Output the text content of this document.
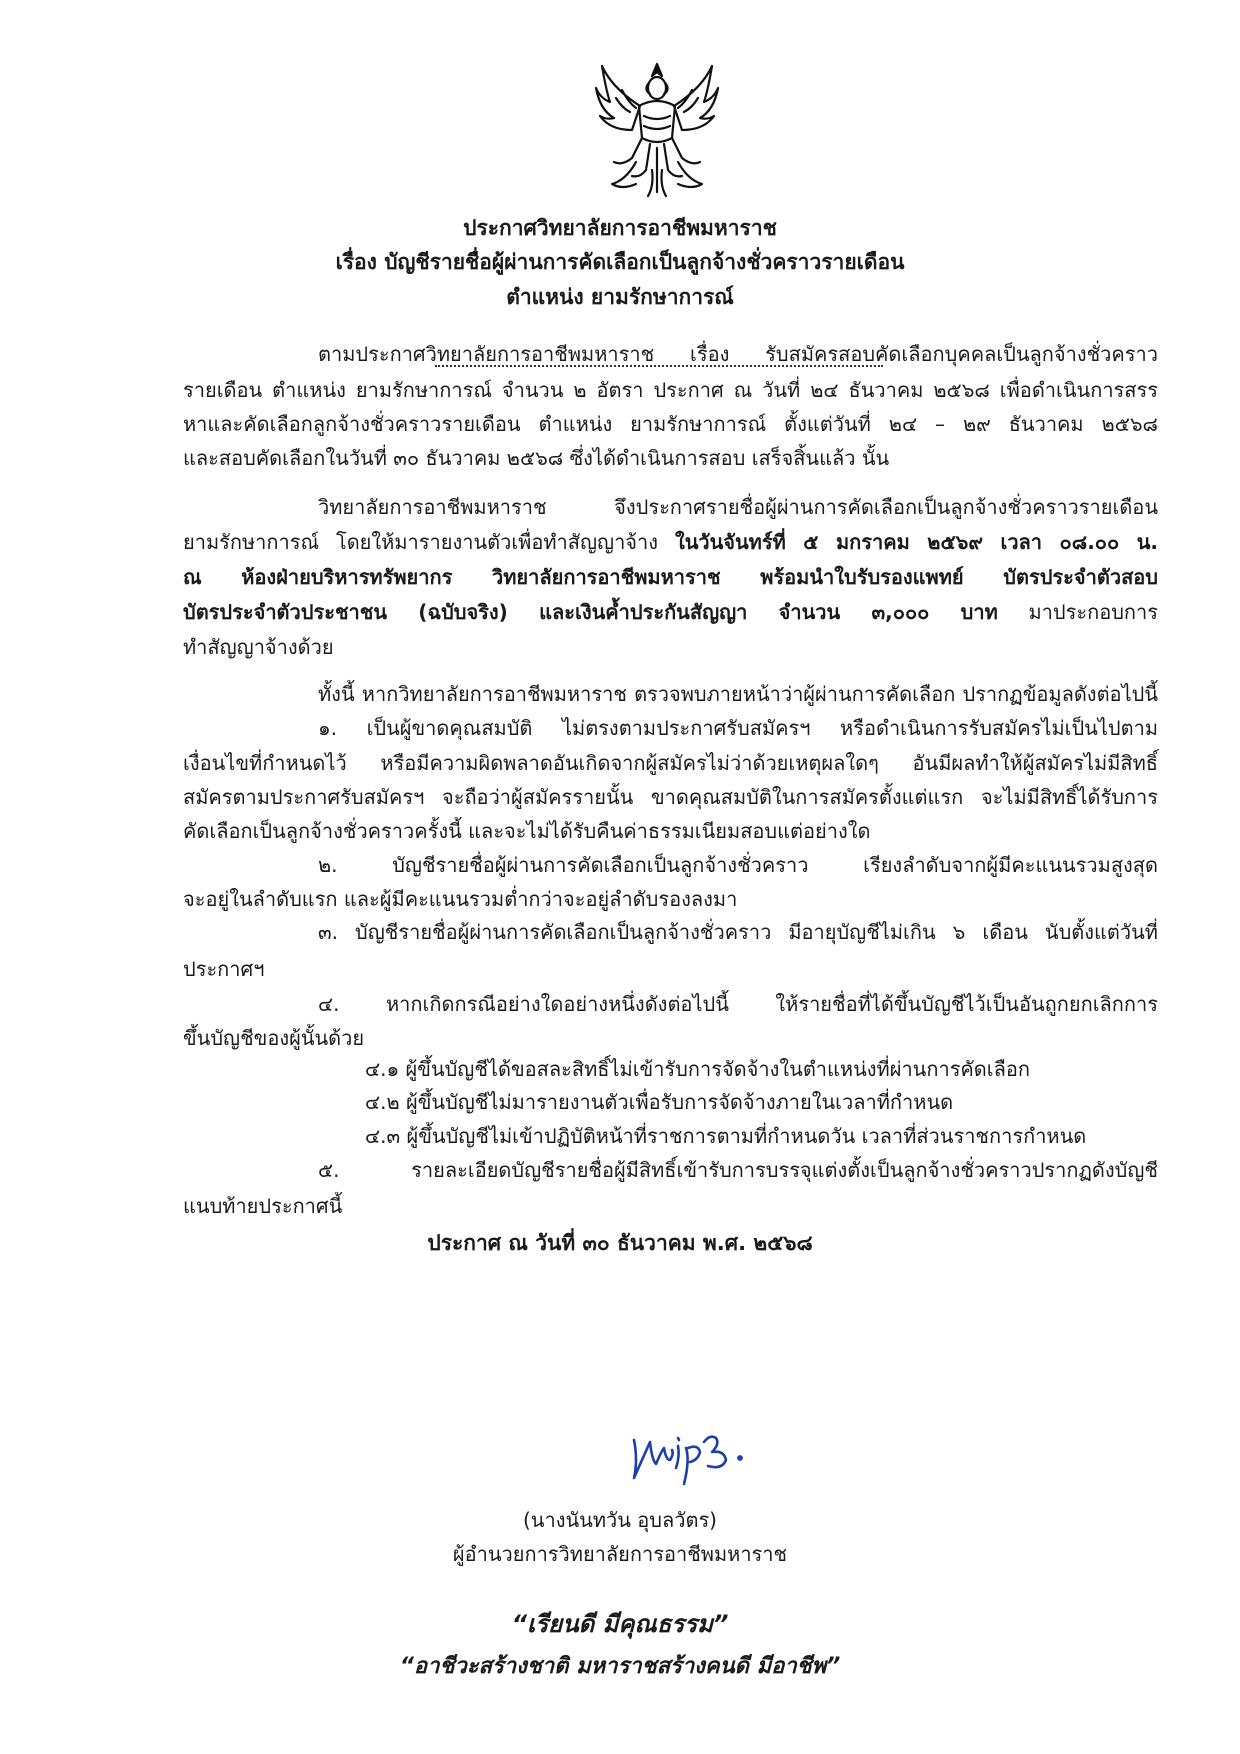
ประกาศวิทยาลัยการอาชีพมหาราช
เรื่อง บัญชีรายชื่อผู้ผ่านการคัดเลือกเป็นลูกจ้างชั่วคราวรายเดือน
ตำแหน่ง ยามรักษาการณ์
ตามประกาศวิทยาลัยการอาชีพมหาราช เรื่อง รับสมัครสอบคัดเลือกบุคคลเป็นลูกจ้างชั่วคราว
รายเดือน ตำแหน่ง ยามรักษาการณ์ จำนวน ๒ อัตรา ประกาศ ณ วันที่ ๒๔ ธันวาคม ๒๕๖๘ เพื่อดำเนินการสรร
หาและคัดเลือกลูกจ้างชั่วคราวรายเดือน ตำแหน่ง ยามรักษาการณ์ ตั้งแต่วันที่ ๒๔ – ๒๙ ธันวาคม ๒๕๖๘
และสอบคัดเลือกในวันที่ ๓๐ ธันวาคม ๒๕๖๘ ซึ่งได้ดำเนินการสอบ เสร็จสิ้นแล้ว นั้น
วิทยาลัยการอาชีพมหาราช จึงประกาศรายชื่อผู้ผ่านการคัดเลือกเป็นลูกจ้างชั่วคราวรายเดือน
ยามรักษาการณ์ โดยให้มารายงานตัวเพื่อทำสัญญาจ้าง ในวันจันทร์ที่ ๕ มกราคม ๒๕๖๙ เวลา ๐๘.๐๐ น.
ณ ห้องฝ่ายบริหารทรัพยากร วิทยาลัยการอาชีพมหาราช พร้อมนำใบรับรองแพทย์ บัตรประจำตัวสอบ
บัตรประจำตัวประชาชน (ฉบับจริง) และเงินค้ำประกันสัญญา จำนวน ๓,๐๐๐ บาท มาประกอบการ
ทำสัญญาจ้างด้วย
ทั้งนี้ หากวิทยาลัยการอาชีพมหาราช ตรวจพบภายหน้าว่าผู้ผ่านการคัดเลือก ปรากฏข้อมูลดังต่อไปนี้
๑. เป็นผู้ขาดคุณสมบัติ ไม่ตรงตามประกาศรับสมัครฯ หรือดำเนินการรับสมัครไม่เป็นไปตาม
เงื่อนไขที่กำหนดไว้ หรือมีความผิดพลาดอันเกิดจากผู้สมัครไม่ว่าด้วยเหตุผลใดๆ อันมีผลทำให้ผู้สมัครไม่มีสิทธิ์
สมัครตามประกาศรับสมัครฯ จะถือว่าผู้สมัครรายนั้น ขาดคุณสมบัติในการสมัครตั้งแต่แรก จะไม่มีสิทธิ์ได้รับการ
คัดเลือกเป็นลูกจ้างชั่วคราวครั้งนี้ และจะไม่ได้รับคืนค่าธรรมเนียมสอบแต่อย่างใด
๒. บัญชีรายชื่อผู้ผ่านการคัดเลือกเป็นลูกจ้างชั่วคราว เรียงลำดับจากผู้มีคะแนนรวมสูงสุด
จะอยู่ในลำดับแรก และผู้มีคะแนนรวมต่ำกว่าจะอยู่ลำดับรองลงมา
๓. บัญชีรายชื่อผู้ผ่านการคัดเลือกเป็นลูกจ้างชั่วคราว มีอายุบัญชีไม่เกิน ๖ เดือน นับตั้งแต่วันที่
ประกาศฯ
๔. หากเกิดกรณีอย่างใดอย่างหนึ่งดังต่อไปนี้ ให้รายชื่อที่ได้ขึ้นบัญชีไว้เป็นอันถูกยกเลิกการ
ขึ้นบัญชีของผู้นั้นด้วย
๔.๑ ผู้ขึ้นบัญชีได้ขอสละสิทธิ์ไม่เข้ารับการจัดจ้างในตำแหน่งที่ผ่านการคัดเลือก
๔.๒ ผู้ขึ้นบัญชีไม่มารายงานตัวเพื่อรับการจัดจ้างภายในเวลาที่กำหนด
๔.๓ ผู้ขึ้นบัญชีไม่เข้าปฏิบัติหน้าที่ราชการตามที่กำหนดวัน เวลาที่ส่วนราชการกำหนด
๕. รายละเอียดบัญชีรายชื่อผู้มีสิทธิ์เข้ารับการบรรจุแต่งตั้งเป็นลูกจ้างชั่วคราวปรากฏดังบัญชี
แนบท้ายประกาศนี้
ประกาศ ณ วันที่ ๓๐ ธันวาคม พ.ศ. ๒๕๖๘
(นางนันทวัน อุบลวัตร)
ผู้อำนวยการวิทยาลัยการอาชีพมหาราช
“เรียนดี มีคุณธรรม”
“อาชีวะสร้างชาติ มหาราชสร้างคนดี มีอาชีพ”
